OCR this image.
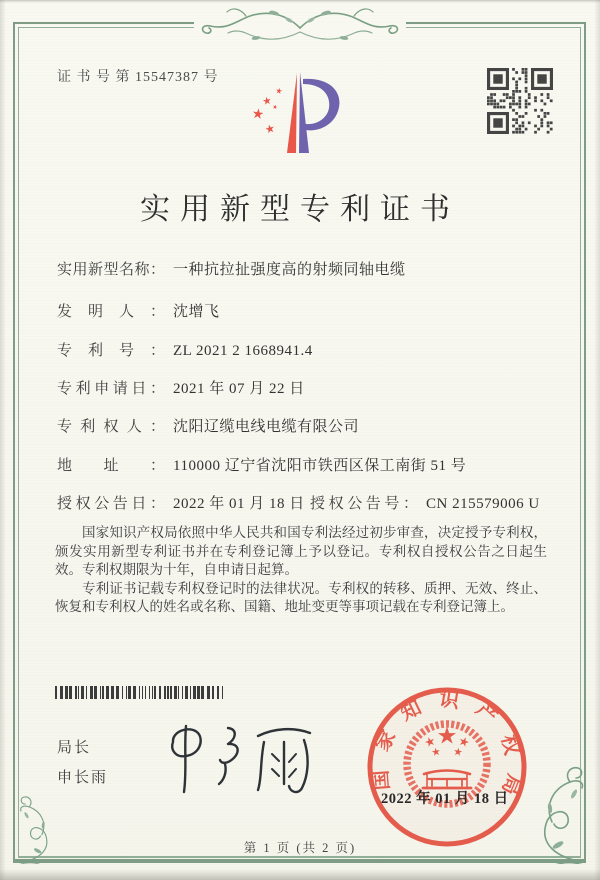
证 书 号 第 15547387 号
实用新型专利证书
实用新型名称： 一种抗拉扯强度高的射频同轴电缆
发明人： 沈增飞
专利号： ZL 2021 2 1668941.4
专利申请日： 2021 年 07 月 22 日
专利权人： 沈阳辽缆电线电缆有限公司
地址： 110000 辽宁省沈阳市铁西区保工南街 51 号
授权公告日： 2022 年 01 月 18 日 授权公告号： CN 215579006 U

国家知识产权局依照中华人民共和国专利法经过初步审查，决定授予专利权，颁发实用新型专利证书并在专利登记簿上予以登记。专利权自授权公告之日起生效。专利权期限为十年，自申请日起算。

专利证书记载专利权登记时的法律状况。专利权的转移、质押、无效、终止、恢复和专利权人的姓名或名称、国籍、地址变更等事项记载在专利登记簿上。

局长
申长雨	国家知识产权局
2022 年 01 月 18 日
第 1 页 (共 2 页)
